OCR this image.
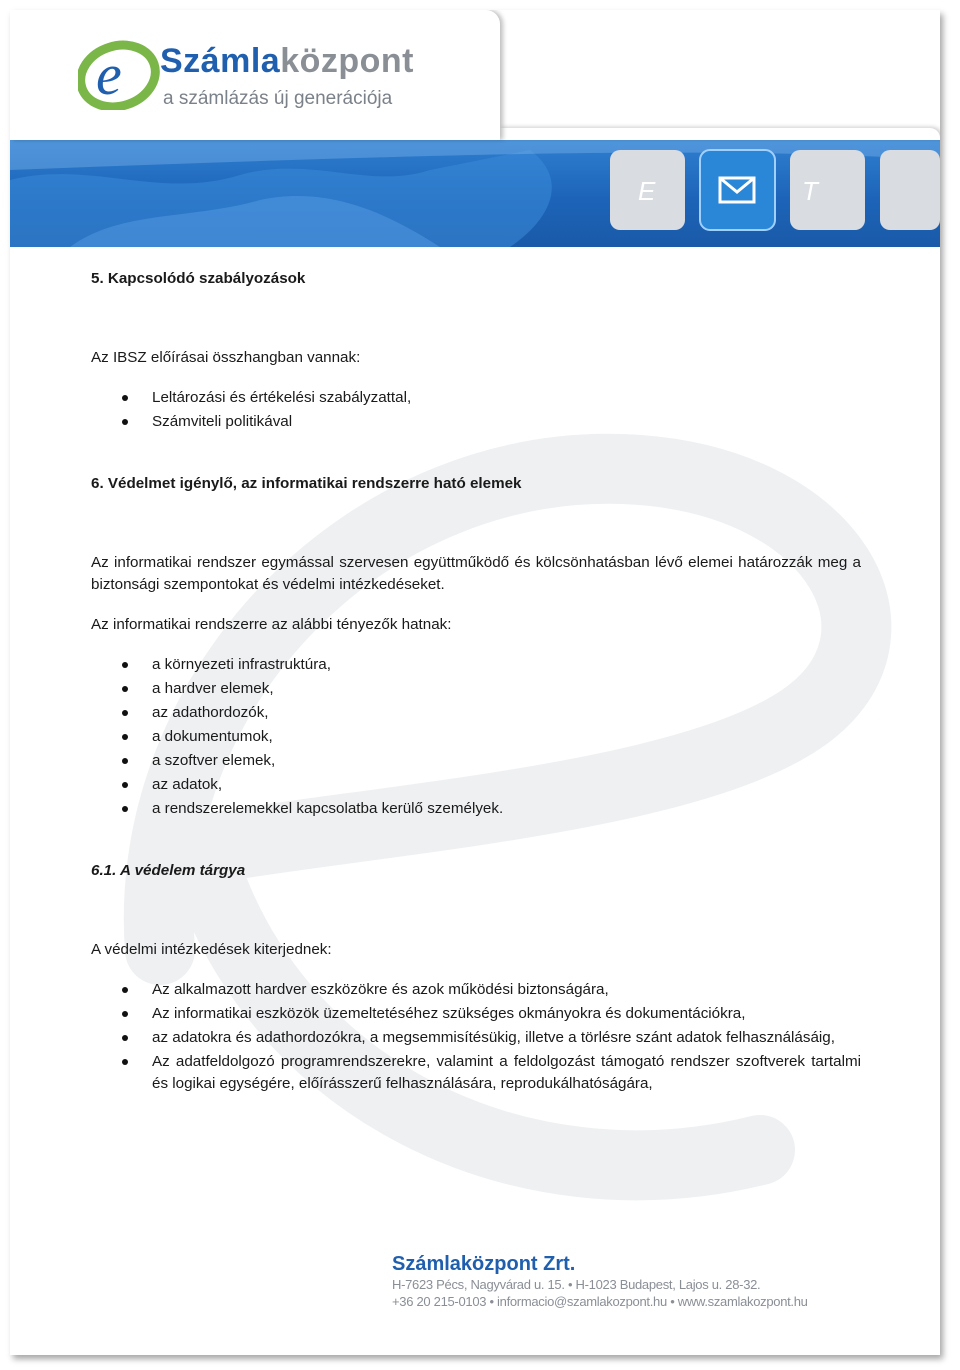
E	T
e Számlaközpont
a számlázás új generációja

5. Kapcsolódó szabályozások

Az IBSZ előírásai összhangban vannak:

Leltározási és értékelési szabályzattal,
Számviteli politikával

6. Védelmet igénylő, az informatikai rendszerre ható elemek

Az informatikai rendszer egymással szervesen együttműködő és kölcsönhatásban lévő elemei határozzák meg a biztonsági szempontokat és védelmi intézkedéseket.

Az informatikai rendszerre az alábbi tényezők hatnak:

a környezeti infrastruktúra,
a hardver elemek,
az adathordozók,
a dokumentumok,
a szoftver elemek,
az adatok,
a rendszerelemekkel kapcsolatba kerülő személyek.

6.1. A védelem tárgya

A védelmi intézkedések kiterjednek:

Az alkalmazott hardver eszközökre és azok működési biztonságára,
Az informatikai eszközök üzemeltetéséhez szükséges okmányokra és dokumentációkra,
az adatokra és adathordozókra, a megsemmisítésükig, illetve a törlésre szánt adatok felhasználásáig,
Az adatfeldolgozó programrendszerekre, valamint a feldolgozást támogató rendszer szoftverek tartalmi és logikai egységére, előírásszerű felhasználására, reprodukálhatóságára,
Számlaközpont Zrt.
H-7623 Pécs, Nagyvárad u. 15. • H-1023 Budapest, Lajos u. 28-32.
+36 20 215-0103 • informacio@szamlakozpont.hu • www.szamlakozpont.hu
